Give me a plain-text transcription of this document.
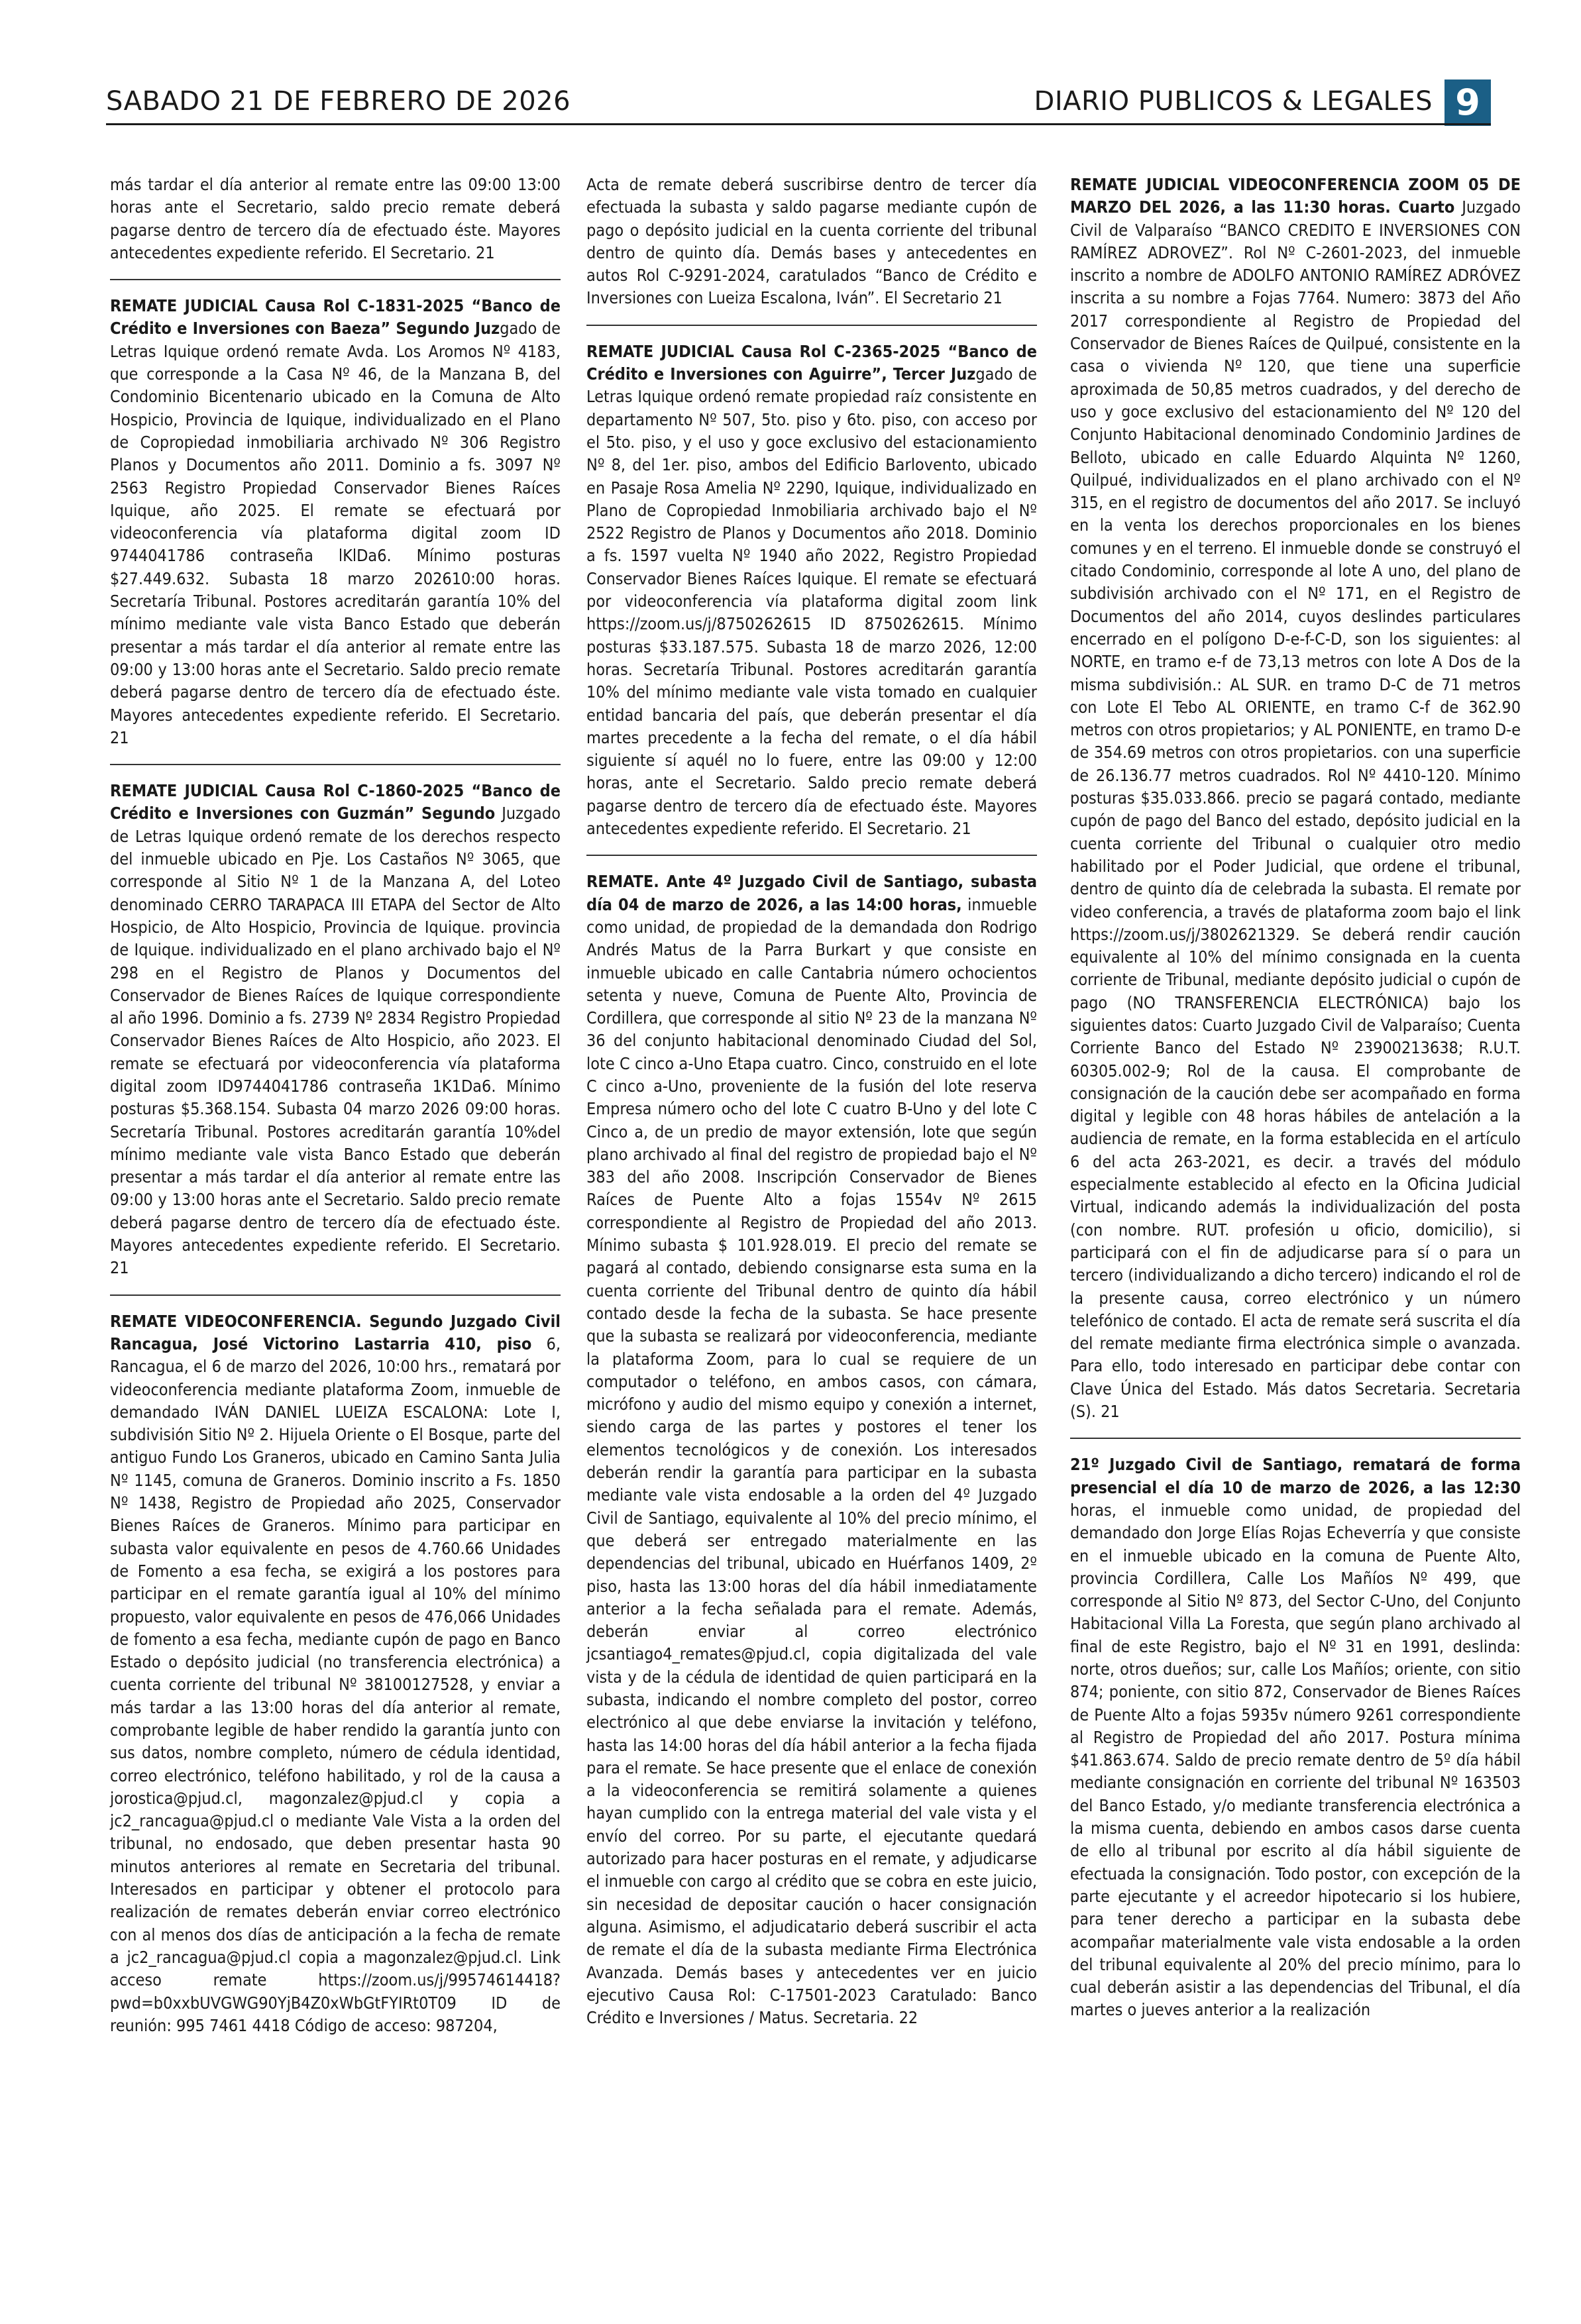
SABADO 21 DE FEBRERO DE 2026	DIARIO PUBLICOS & LEGALES 9

más tardar el día anterior al remate entre las 09:00 13:00 horas ante el Secretario, saldo precio remate deberá pagarse dentro de tercero día de efectuado éste. Mayores antecedentes expediente referido. El Secretario. 21

REMATE JUDICIAL Causa Rol C-1831-2025 “Banco de Crédito e Inversiones con Baeza” Segundo Juzgado de Letras Iquique ordenó remate Avda. Los Aromos Nº 4183, que corresponde a la Casa Nº 46, de la Manzana B, del Condominio Bicentenario ubicado en la Comuna de Alto Hospicio, Provincia de Iquique, individualizado en el Plano de Copropiedad inmobiliaria archivado Nº 306 Registro Planos y Documentos año 2011. Dominio a fs. 3097 Nº 2563 Registro Propiedad Conservador Bienes Raíces Iquique, año 2025. El remate se efectuará por videoconferencia vía plataforma digital zoom ID 9744041786 contraseña lKlDa6. Mínimo posturas $27.449.632. Subasta 18 marzo 202610:00 horas. Secretaría Tribunal. Postores acreditarán garantía 10% del mínimo mediante vale vista Banco Estado que deberán presentar a más tardar el día anterior al remate entre las 09:00 y 13:00 horas ante el Secretario. Saldo precio remate deberá pagarse dentro de tercero día de efectuado éste. Mayores antecedentes expediente referido. El Secretario. 21

REMATE JUDICIAL Causa Rol C-1860-2025 “Banco de Crédito e Inversiones con Guzmán” Segundo Juzgado de Letras Iquique ordenó remate de los derechos respecto del inmueble ubicado en Pje. Los Castaños Nº 3065, que corresponde al Sitio Nº 1 de la Manzana A, del Loteo denominado CERRO TARAPACA III ETAPA del Sector de Alto Hospicio, de Alto Hospicio, Provincia de Iquique. provincia de Iquique. individualizado en el plano archivado bajo el Nº 298 en el Registro de Planos y Documentos del Conservador de Bienes Raíces de Iquique correspondiente al año 1996. Dominio a fs. 2739 Nº 2834 Registro Propiedad Conservador Bienes Raíces de Alto Hospicio, año 2023. El remate se efectuará por videoconferencia vía plataforma digital zoom ID9744041786 contraseña 1K1Da6. Mínimo posturas $5.368.154. Subasta 04 marzo 2026 09:00 horas. Secretaría Tribunal. Postores acreditarán garantía 10%del mínimo mediante vale vista Banco Estado que deberán presentar a más tardar el día anterior al remate entre las 09:00 y 13:00 horas ante el Secretario. Saldo precio remate deberá pagarse dentro de tercero día de efectuado éste. Mayores antecedentes expediente referido. El Secretario. 21

REMATE VIDEOCONFERENCIA. Segundo Juzgado Civil Rancagua, José Victorino Lastarria 410, piso 6, Rancagua, el 6 de marzo del 2026, 10:00 hrs., rematará por videoconferencia mediante plataforma Zoom, inmueble de demandado IVÁN DANIEL LUEIZA ESCALONA: Lote I, subdivisión Sitio Nº 2. Hijuela Oriente o El Bosque, parte del antiguo Fundo Los Graneros, ubicado en Camino Santa Julia Nº 1145, comuna de Graneros. Dominio inscrito a Fs. 1850 Nº 1438, Registro de Propiedad año 2025, Conservador Bienes Raíces de Graneros. Mínimo para participar en subasta valor equivalente en pesos de 4.760.66 Unidades de Fomento a esa fecha, se exigirá a los postores para participar en el remate garantía igual al 10% del mínimo propuesto, valor equivalente en pesos de 476,066 Unidades de fomento a esa fecha, mediante cupón de pago en Banco Estado o depósito judicial (no transferencia electrónica) a cuenta corriente del tribunal Nº 38100127528, y enviar a más tardar a las 13:00 horas del día anterior al remate, comprobante legible de haber rendido la garantía junto con sus datos, nombre completo, número de cédula identidad, correo electrónico, teléfono habilitado, y rol de la causa a jorostica@pjud.cl, magonzalez@pjud.cl y copia a jc2_rancagua@pjud.cl o mediante Vale Vista a la orden del tribunal, no endosado, que deben presentar hasta 90 minutos anteriores al remate en Secretaria del tribunal. Interesados en participar y obtener el protocolo para realización de remates deberán enviar correo electrónico con al menos dos días de anticipación a la fecha de remate a jc2_rancagua@pjud.cl copia a magonzalez@pjud.cl. Link acceso remate https://zoom.us/j/99574614418?pwd=b0xxbUVGWG90YjB4Z0xWbGtFYIRt0T09 ID de reunión: 995 7461 4418 Código de acceso: 987204,

Acta de remate deberá suscribirse dentro de tercer día efectuada la subasta y saldo pagarse mediante cupón de pago o depósito judicial en la cuenta corriente del tribunal dentro de quinto día. Demás bases y antecedentes en autos Rol C-9291-2024, caratulados “Banco de Crédito e Inversiones con Lueiza Escalona, Iván”. El Secretario 21

REMATE JUDICIAL Causa Rol C-2365-2025 “Banco de Crédito e Inversiones con Aguirre”, Tercer Juzgado de Letras Iquique ordenó remate propiedad raíz consistente en departamento Nº 507, 5to. piso y 6to. piso, con acceso por el 5to. piso, y el uso y goce exclusivo del estacionamiento Nº 8, del 1er. piso, ambos del Edificio Barlovento, ubicado en Pasaje Rosa Amelia Nº 2290, Iquique, individualizado en Plano de Copropiedad Inmobiliaria archivado bajo el Nº 2522 Registro de Planos y Documentos año 2018. Dominio a fs. 1597 vuelta Nº 1940 año 2022, Registro Propiedad Conservador Bienes Raíces Iquique. El remate se efectuará por videoconferencia vía plataforma digital zoom link https://zoom.us/j/8750262615 ID 8750262615. Mínimo posturas $33.187.575. Subasta 18 de marzo 2026, 12:00 horas. Secretaría Tribunal. Postores acreditarán garantía 10% del mínimo mediante vale vista tomado en cualquier entidad bancaria del país, que deberán presentar el día martes precedente a la fecha del remate, o el día hábil siguiente sí aquél no lo fuere, entre las 09:00 y 12:00 horas, ante el Secretario. Saldo precio remate deberá pagarse dentro de tercero día de efectuado éste. Mayores antecedentes expediente referido. El Secretario. 21

REMATE. Ante 4º Juzgado Civil de Santiago, subasta día 04 de marzo de 2026, a las 14:00 horas, inmueble como unidad, de propiedad de la demandada don Rodrigo Andrés Matus de la Parra Burkart y que consiste en inmueble ubicado en calle Cantabria número ochocientos setenta y nueve, Comuna de Puente Alto, Provincia de Cordillera, que corresponde al sitio Nº 23 de la manzana Nº 36 del conjunto habitacional denominado Ciudad del Sol, lote C cinco a-Uno Etapa cuatro. Cinco, construido en el lote C cinco a-Uno, proveniente de la fusión del lote reserva Empresa número ocho del lote C cuatro B-Uno y del lote C Cinco a, de un predio de mayor extensión, lote que según plano archivado al final del registro de propiedad bajo el Nº 383 del año 2008. Inscripción Conservador de Bienes Raíces de Puente Alto a fojas 1554v Nº 2615 correspondiente al Registro de Propiedad del año 2013. Mínimo subasta $ 101.928.019. El precio del remate se pagará al contado, debiendo consignarse esta suma en la cuenta corriente del Tribunal dentro de quinto día hábil contado desde la fecha de la subasta. Se hace presente que la subasta se realizará por videoconferencia, mediante la plataforma Zoom, para lo cual se requiere de un computador o teléfono, en ambos casos, con cámara, micrófono y audio del mismo equipo y conexión a internet, siendo carga de las partes y postores el tener los elementos tecnológicos y de conexión. Los interesados deberán rendir la garantía para participar en la subasta mediante vale vista endosable a la orden del 4º Juzgado Civil de Santiago, equivalente al 10% del precio mínimo, el que deberá ser entregado materialmente en las dependencias del tribunal, ubicado en Huérfanos 1409, 2º piso, hasta las 13:00 horas del día hábil inmediatamente anterior a la fecha señalada para el remate. Además, deberán enviar al correo electrónico jcsantiago4_remates@pjud.cl, copia digitalizada del vale vista y de la cédula de identidad de quien participará en la subasta, indicando el nombre completo del postor, correo electrónico al que debe enviarse la invitación y teléfono, hasta las 14:00 horas del día hábil anterior a la fecha fijada para el remate. Se hace presente que el enlace de conexión a la videoconferencia se remitirá solamente a quienes hayan cumplido con la entrega material del vale vista y el envío del correo. Por su parte, el ejecutante quedará autorizado para hacer posturas en el remate, y adjudicarse el inmueble con cargo al crédito que se cobra en este juicio, sin necesidad de depositar caución o hacer consignación alguna. Asimismo, el adjudicatario deberá suscribir el acta de remate el día de la subasta mediante Firma Electrónica Avanzada. Demás bases y antecedentes ver en juicio ejecutivo Causa Rol: C-17501-2023 Caratulado: Banco Crédito e Inversiones / Matus. Secretaria. 22

REMATE JUDICIAL VIDEOCONFERENCIA ZOOM 05 DE MARZO DEL 2026, a las 11:30 horas. Cuarto Juzgado Civil de Valparaíso “BANCO CREDITO E INVERSIONES CON RAMÍREZ ADROVEZ”. Rol Nº C-2601-2023, del inmueble inscrito a nombre de ADOLFO ANTONIO RAMÍREZ ADRÓVEZ inscrita a su nombre a Fojas 7764. Numero: 3873 del Año 2017 correspondiente al Registro de Propiedad del Conservador de Bienes Raíces de Quilpué, consistente en la casa o vivienda Nº 120, que tiene una superficie aproximada de 50,85 metros cuadrados, y del derecho de uso y goce exclusivo del estacionamiento del Nº 120 del Conjunto Habitacional denominado Condominio Jardines de Belloto, ubicado en calle Eduardo Alquinta Nº 1260, Quilpué, individualizados en el plano archivado con el Nº 315, en el registro de documentos del año 2017. Se incluyó en la venta los derechos proporcionales en los bienes comunes y en el terreno. El inmueble donde se construyó el citado Condominio, corresponde al lote A uno, del plano de subdivisión archivado con el Nº 171, en el Registro de Documentos del año 2014, cuyos deslindes particulares encerrado en el polígono D-e-f-C-D, son los siguientes: al NORTE, en tramo e-f de 73,13 metros con lote A Dos de la misma subdivisión.: AL SUR. en tramo D-C de 71 metros con Lote El Tebo AL ORIENTE, en tramo C-f de 362.90 metros con otros propietarios; y AL PONIENTE, en tramo D-e de 354.69 metros con otros propietarios. con una superficie de 26.136.77 metros cuadrados. Rol Nº 4410-120. Mínimo posturas $35.033.866. precio se pagará contado, mediante cupón de pago del Banco del estado, depósito judicial en la cuenta corriente del Tribunal o cualquier otro medio habilitado por el Poder Judicial, que ordene el tribunal, dentro de quinto día de celebrada la subasta. El remate por video conferencia, a través de plataforma zoom bajo el link https://zoom.us/j/3802621329. Se deberá rendir caución equivalente al 10% del mínimo consignada en la cuenta corriente de Tribunal, mediante depósito judicial o cupón de pago (NO TRANSFERENCIA ELECTRÓNICA) bajo los siguientes datos: Cuarto Juzgado Civil de Valparaíso; Cuenta Corriente Banco del Estado Nº 23900213638; R.U.T. 60305.002-9; Rol de la causa. El comprobante de consignación de la caución debe ser acompañado en forma digital y legible con 48 horas hábiles de antelación a la audiencia de remate, en la forma establecida en el artículo 6 del acta 263-2021, es decir. a través del módulo especialmente establecido al efecto en la Oficina Judicial Virtual, indicando además la individualización del posta (con nombre. RUT. profesión u oficio, domicilio), si participará con el fin de adjudicarse para sí o para un tercero (individualizando a dicho tercero) indicando el rol de la presente causa, correo electrónico y un número telefónico de contado. El acta de remate será suscrita el día del remate mediante firma electrónica simple o avanzada. Para ello, todo interesado en participar debe contar con Clave Única del Estado. Más datos Secretaria. Secretaria (S). 21

21º Juzgado Civil de Santiago, rematará de forma presencial el día 10 de marzo de 2026, a las 12:30 horas, el inmueble como unidad, de propiedad del demandado don Jorge Elías Rojas Echeverría y que consiste en el inmueble ubicado en la comuna de Puente Alto, provincia Cordillera, Calle Los Mañíos Nº 499, que corresponde al Sitio Nº 873, del Sector C-Uno, del Conjunto Habitacional Villa La Foresta, que según plano archivado al final de este Registro, bajo el Nº 31 en 1991, deslinda: norte, otros dueños; sur, calle Los Mañíos; oriente, con sitio 874; poniente, con sitio 872, Conservador de Bienes Raíces de Puente Alto a fojas 5935v número 9261 correspondiente al Registro de Propiedad del año 2017. Postura mínima $41.863.674. Saldo de precio remate dentro de 5º día hábil mediante consignación en corriente del tribunal Nº 163503 del Banco Estado, y/o mediante transferencia electrónica a la misma cuenta, debiendo en ambos casos darse cuenta de ello al tribunal por escrito al día hábil siguiente de efectuada la consignación. Todo postor, con excepción de la parte ejecutante y el acreedor hipotecario si los hubiere, para tener derecho a participar en la subasta debe acompañar materialmente vale vista endosable a la orden del tribunal equivalente al 20% del precio mínimo, para lo cual deberán asistir a las dependencias del Tribunal, el día martes o jueves anterior a la realización
